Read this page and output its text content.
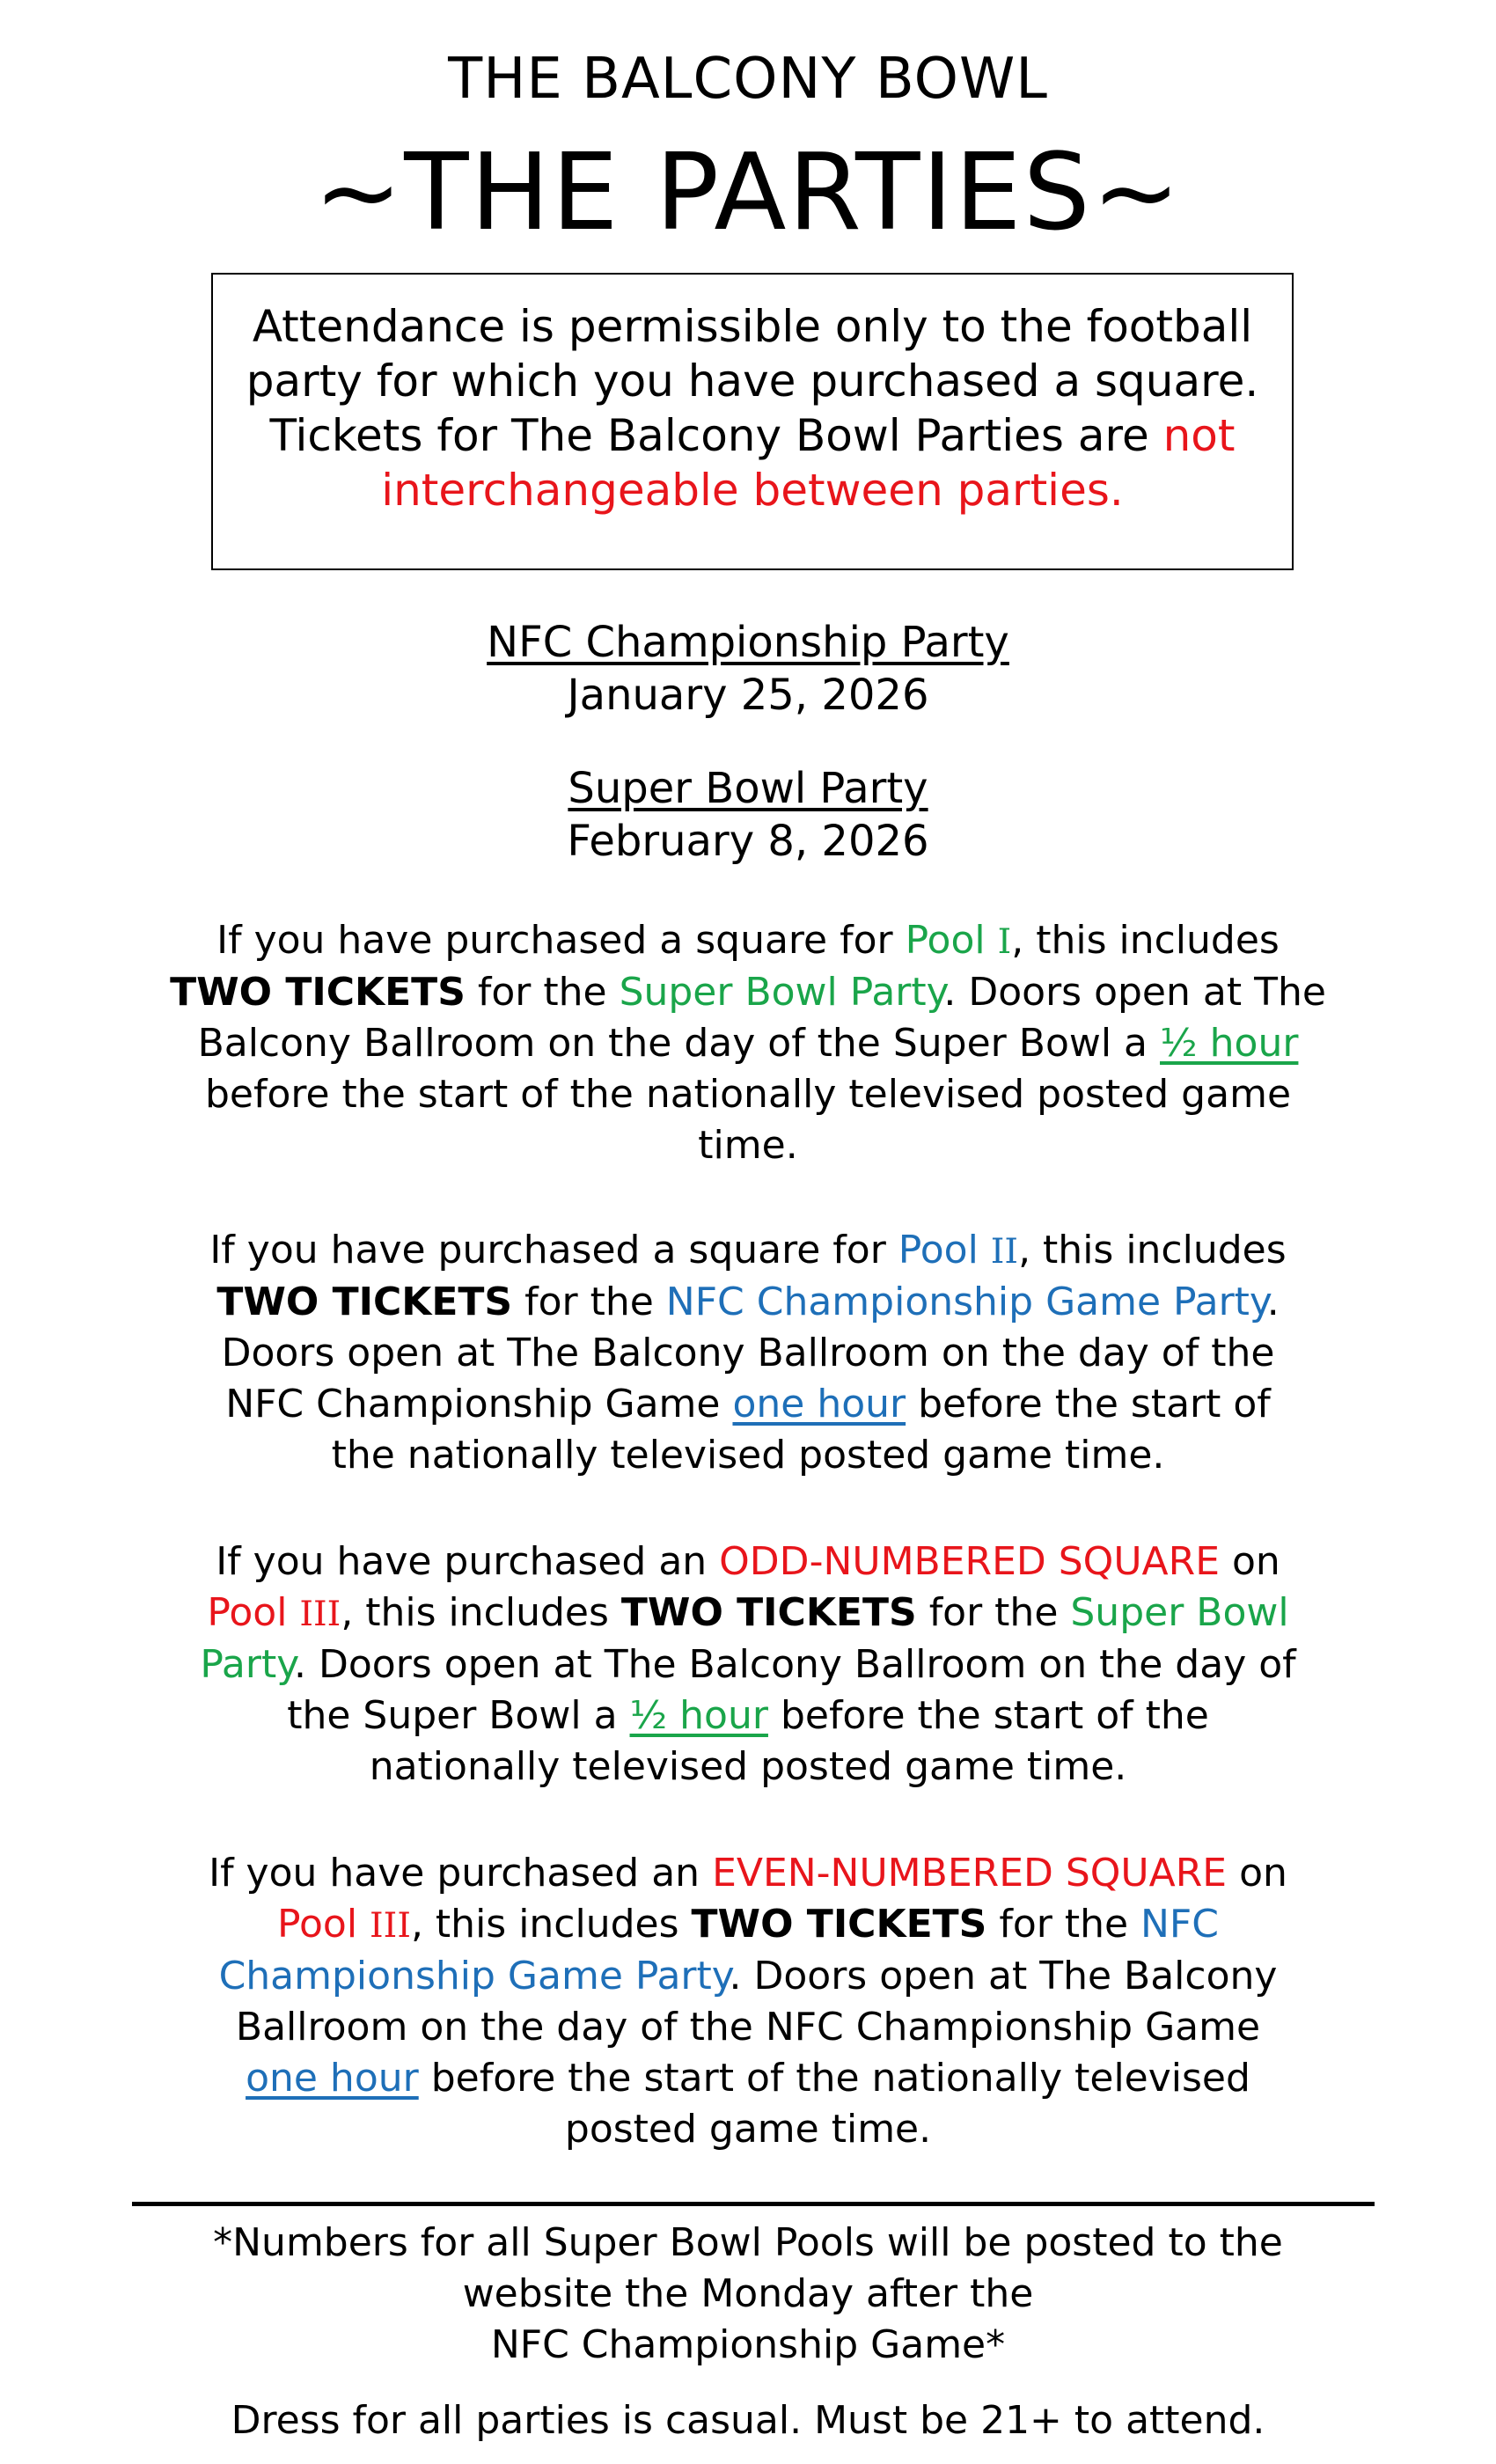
THE BALCONY BOWL
~THE PARTIES~
Attendance is permissible only to the football
party for which you have purchased a square.
Tickets for The Balcony Bowl Parties are not
interchangeable between parties.
NFC Championship Party
January 25, 2026
Super Bowl Party
February 8, 2026
If you have purchased a square for Pool I, this includes
TWO TICKETS for the Super Bowl Party. Doors open at The
Balcony Ballroom on the day of the Super Bowl a ½ hour
before the start of the nationally televised posted game
time.
If you have purchased a square for Pool II, this includes
TWO TICKETS for the NFC Championship Game Party.
Doors open at The Balcony Ballroom on the day of the
NFC Championship Game one hour before the start of
the nationally televised posted game time.
If you have purchased an ODD-NUMBERED SQUARE on
Pool III, this includes TWO TICKETS for the Super Bowl
Party. Doors open at The Balcony Ballroom on the day of
the Super Bowl a ½ hour before the start of the
nationally televised posted game time.
If you have purchased an EVEN-NUMBERED SQUARE on
Pool III, this includes TWO TICKETS for the NFC
Championship Game Party. Doors open at The Balcony
Ballroom on the day of the NFC Championship Game
one hour before the start of the nationally televised
posted game time.
*Numbers for all Super Bowl Pools will be posted to the
website the Monday after the
NFC Championship Game*
Dress for all parties is casual. Must be 21+ to attend.
